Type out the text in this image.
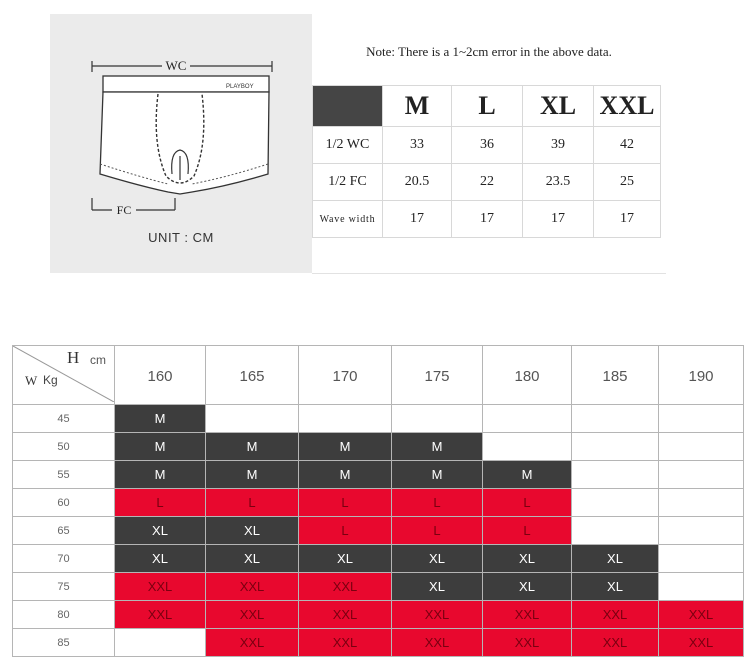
WC
PLAYBOY
FC
UNIT : CM
Note: There is a 1~2cm error in the above data.
	M	L	XL	XXL
1/2 WC	33	36	39	42
1/2 FC	20.5	22	23.5	25
Wave width	17	17	17	17
H cm
W Kg	160	165	170	175	180	185	190
45	M						
50	M	M	M	M			
55	M	M	M	M	M		
60	L	L	L	L	L		
65	XL	XL	L	L	L		
70	XL	XL	XL	XL	XL	XL	
75	XXL	XXL	XXL	XL	XL	XL	
80	XXL	XXL	XXL	XXL	XXL	XXL	XXL
85		XXL	XXL	XXL	XXL	XXL	XXL
